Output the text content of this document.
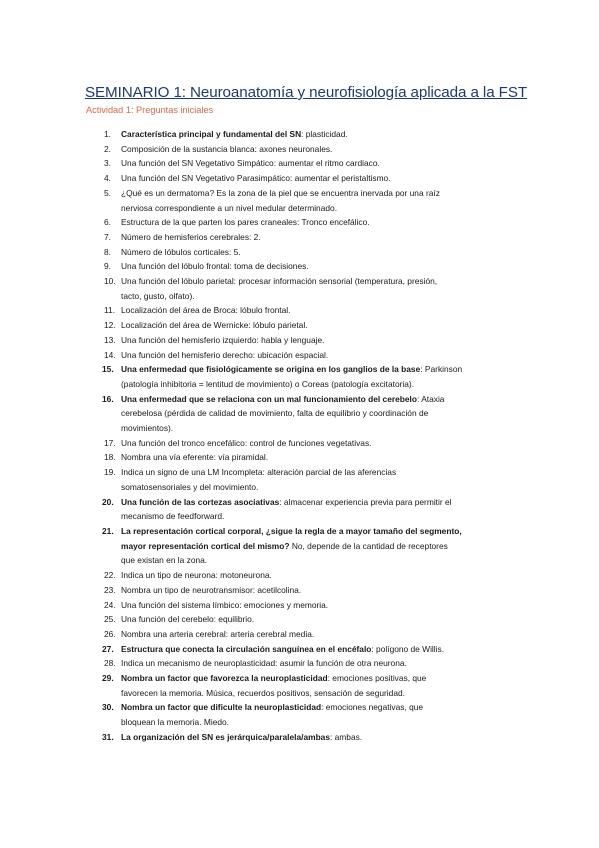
SEMINARIO 1: Neuroanatomía y neurofisiología aplicada a la FST
Actividad 1: Preguntas iniciales
1. Característica principal y fundamental del SN: plasticidad.
2. Composición de la sustancia blanca: axones neuronales.
3. Una función del SN Vegetativo Simpático: aumentar el ritmo cardiaco.
4. Una función del SN Vegetativo Parasimpático: aumentar el peristaltismo.
5. ¿Qué es un dermatoma? Es la zona de la piel que se encuentra inervada por una raíz
nerviosa correspondiente a un nivel medular determinado.
6. Estructura de la que parten los pares craneales: Tronco encefálico.
7. Número de hemisferios cerebrales: 2.
8. Número de lóbulos corticales: 5.
9. Una función del lóbulo frontal: toma de decisiones.
10. Una función del lóbulo parietal: procesar información sensorial (temperatura, presión,
tacto, gusto, olfato).
11. Localización del área de Broca: lóbulo frontal.
12. Localización del área de Wernicke: lóbulo parietal.
13. Una función del hemisferio izquierdo: habla y lenguaje.
14. Una función del hemisferio derecho: ubicación espacial.
15. Una enfermedad que fisiológicamente se origina en los ganglios de la base: Parkinson
(patología inhibitoria = lentitud de movimiento) o Coreas (patología excitatoria).
16. Una enfermedad que se relaciona con un mal funcionamiento del cerebelo: Ataxia
cerebelosa (pérdida de calidad de movimiento, falta de equilibrio y coordinación de
movimientos).
17. Una función del tronco encefálico: control de funciones vegetativas.
18. Nombra una vía eferente: vía piramidal.
19. Indica un signo de una LM Incompleta: alteración parcial de las aferencias
somatosensoriales y del movimiento.
20. Una función de las cortezas asociativas: almacenar experiencia previa para permitir el
mecanismo de feedforward.
21. La representación cortical corporal, ¿sigue la regla de a mayor tamaño del segmento,
mayor representación cortical del mismo? No, depende de la cantidad de receptores
que existan en la zona.
22. Indica un tipo de neurona: motoneurona.
23. Nombra un tipo de neurotransmisor: acetilcolina.
24. Una función del sistema límbico: emociones y memoria.
25. Una función del cerebelo: equilibrio.
26. Nombra una arteria cerebral: arteria cerebral media.
27. Estructura que conecta la circulación sanguínea en el encéfalo: polígono de Willis.
28. Indica un mecanismo de neuroplasticidad: asumir la función de otra neurona.
29. Nombra un factor que favorezca la neuroplasticidad: emociones positivas, que
favorecen la memoria. Música, recuerdos positivos, sensación de seguridad.
30. Nombra un factor que dificulte la neuroplasticidad: emociones negativas, que
bloquean la memoria. Miedo.
31. La organización del SN es jerárquica/paralela/ambas: ambas.
